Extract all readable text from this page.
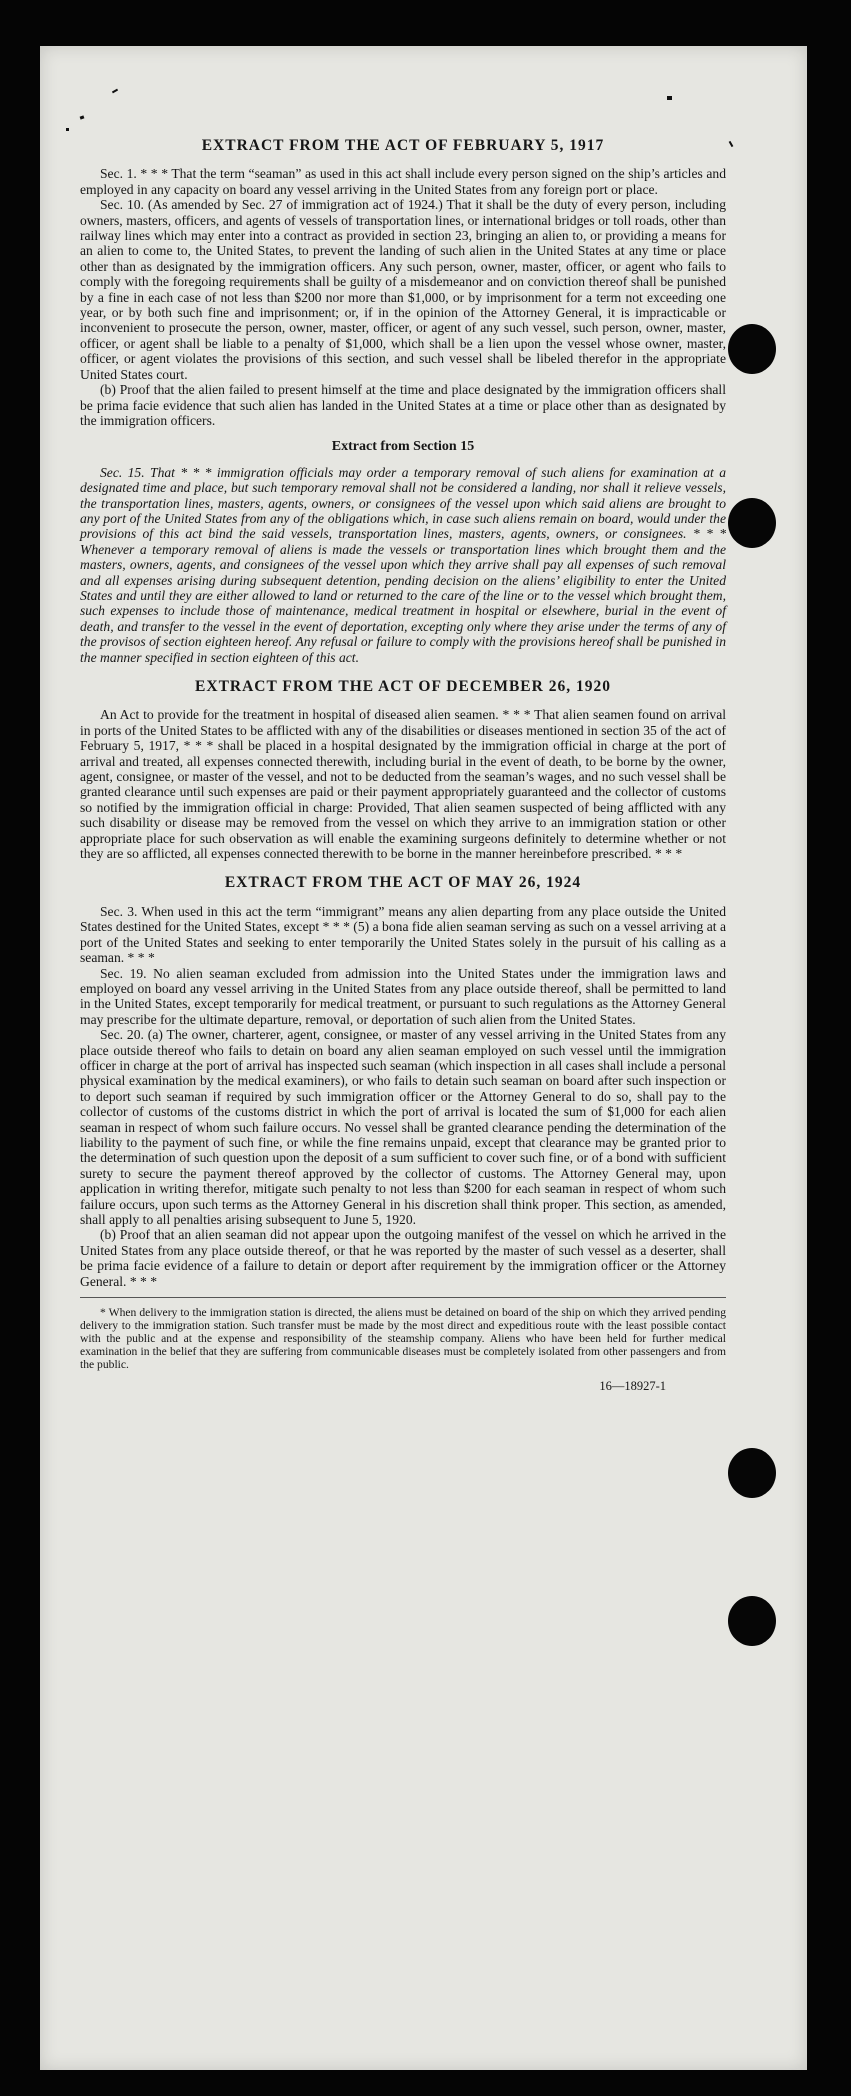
EXTRACT FROM THE ACT OF FEBRUARY 5, 1917

Sec. 1. * * * That the term “seaman” as used in this act shall include every person signed on the ship’s articles and employed in any capacity on board any vessel arriving in the United States from any foreign port or place.

Sec. 10. (As amended by Sec. 27 of immigration act of 1924.) That it shall be the duty of every person, including owners, masters, officers, and agents of vessels of transportation lines, or international bridges or toll roads, other than railway lines which may enter into a contract as provided in section 23, bringing an alien to, or providing a means for an alien to come to, the United States, to prevent the landing of such alien in the United States at any time or place other than as designated by the immigration officers. Any such person, owner, master, officer, or agent who fails to comply with the foregoing requirements shall be guilty of a misdemeanor and on conviction thereof shall be punished by a fine in each case of not less than $200 nor more than $1,000, or by imprisonment for a term not exceeding one year, or by both such fine and imprisonment; or, if in the opinion of the Attorney General, it is impracticable or inconvenient to prosecute the person, owner, master, officer, or agent of any such vessel, such person, owner, master, officer, or agent shall be liable to a penalty of $1,000, which shall be a lien upon the vessel whose owner, master, officer, or agent violates the provisions of this section, and such vessel shall be libeled therefor in the appropriate United States court.

(b) Proof that the alien failed to present himself at the time and place designated by the immigration officers shall be prima facie evidence that such alien has landed in the United States at a time or place other than as designated by the immigration officers.

Extract from Section 15

Sec. 15. That * * * immigration officials may order a temporary removal of such aliens for examination at a designated time and place, but such temporary removal shall not be considered a landing, nor shall it relieve vessels, the transportation lines, masters, agents, owners, or consignees of the vessel upon which said aliens are brought to any port of the United States from any of the obligations which, in case such aliens remain on board, would under the provisions of this act bind the said vessels, transportation lines, masters, agents, owners, or consignees. * * * Whenever a temporary removal of aliens is made the vessels or transportation lines which brought them and the masters, owners, agents, and consignees of the vessel upon which they arrive shall pay all expenses of such removal and all expenses arising during subsequent detention, pending decision on the aliens’ eligibility to enter the United States and until they are either allowed to land or returned to the care of the line or to the vessel which brought them, such expenses to include those of maintenance, medical treatment in hospital or elsewhere, burial in the event of death, and transfer to the vessel in the event of deportation, excepting only where they arise under the terms of any of the provisos of section eighteen hereof. Any refusal or failure to comply with the provisions hereof shall be punished in the manner specified in section eighteen of this act.

EXTRACT FROM THE ACT OF DECEMBER 26, 1920

An Act to provide for the treatment in hospital of diseased alien seamen. * * * That alien seamen found on arrival in ports of the United States to be afflicted with any of the disabilities or diseases mentioned in section 35 of the act of February 5, 1917, * * * shall be placed in a hospital designated by the immigration official in charge at the port of arrival and treated, all expenses connected therewith, including burial in the event of death, to be borne by the owner, agent, consignee, or master of the vessel, and not to be deducted from the seaman’s wages, and no such vessel shall be granted clearance until such expenses are paid or their payment appropriately guaranteed and the collector of customs so notified by the immigration official in charge: Provided, That alien seamen suspected of being afflicted with any such disability or disease may be removed from the vessel on which they arrive to an immigration station or other appropriate place for such observation as will enable the examining surgeons definitely to determine whether or not they are so afflicted, all expenses connected therewith to be borne in the manner hereinbefore prescribed. * * *

EXTRACT FROM THE ACT OF MAY 26, 1924

Sec. 3. When used in this act the term “immigrant” means any alien departing from any place outside the United States destined for the United States, except * * * (5) a bona fide alien seaman serving as such on a vessel arriving at a port of the United States and seeking to enter temporarily the United States solely in the pursuit of his calling as a seaman. * * *

Sec. 19. No alien seaman excluded from admission into the United States under the immigration laws and employed on board any vessel arriving in the United States from any place outside thereof, shall be permitted to land in the United States, except temporarily for medical treatment, or pursuant to such regulations as the Attorney General may prescribe for the ultimate departure, removal, or deportation of such alien from the United States.

Sec. 20. (a) The owner, charterer, agent, consignee, or master of any vessel arriving in the United States from any place outside thereof who fails to detain on board any alien seaman employed on such vessel until the immigration officer in charge at the port of arrival has inspected such seaman (which inspection in all cases shall include a personal physical examination by the medical examiners), or who fails to detain such seaman on board after such inspection or to deport such seaman if required by such immigration officer or the Attorney General to do so, shall pay to the collector of customs of the customs district in which the port of arrival is located the sum of $1,000 for each alien seaman in respect of whom such failure occurs. No vessel shall be granted clearance pending the determination of the liability to the payment of such fine, or while the fine remains unpaid, except that clearance may be granted prior to the determination of such question upon the deposit of a sum sufficient to cover such fine, or of a bond with sufficient surety to secure the payment thereof approved by the collector of customs. The Attorney General may, upon application in writing therefor, mitigate such penalty to not less than $200 for each seaman in respect of whom such failure occurs, upon such terms as the Attorney General in his discretion shall think proper. This section, as amended, shall apply to all penalties arising subsequent to June 5, 1920.

(b) Proof that an alien seaman did not appear upon the outgoing manifest of the vessel on which he arrived in the United States from any place outside thereof, or that he was reported by the master of such vessel as a deserter, shall be prima facie evidence of a failure to detain or deport after requirement by the immigration officer or the Attorney General. * * *

* When delivery to the immigration station is directed, the aliens must be detained on board of the ship on which they arrived pending delivery to the immigration station. Such transfer must be made by the most direct and expeditious route with the least possible contact with the public and at the expense and responsibility of the steamship company. Aliens who have been held for further medical examination in the belief that they are suffering from communicable diseases must be completely isolated from other passengers and from the public.

16—18927-1
